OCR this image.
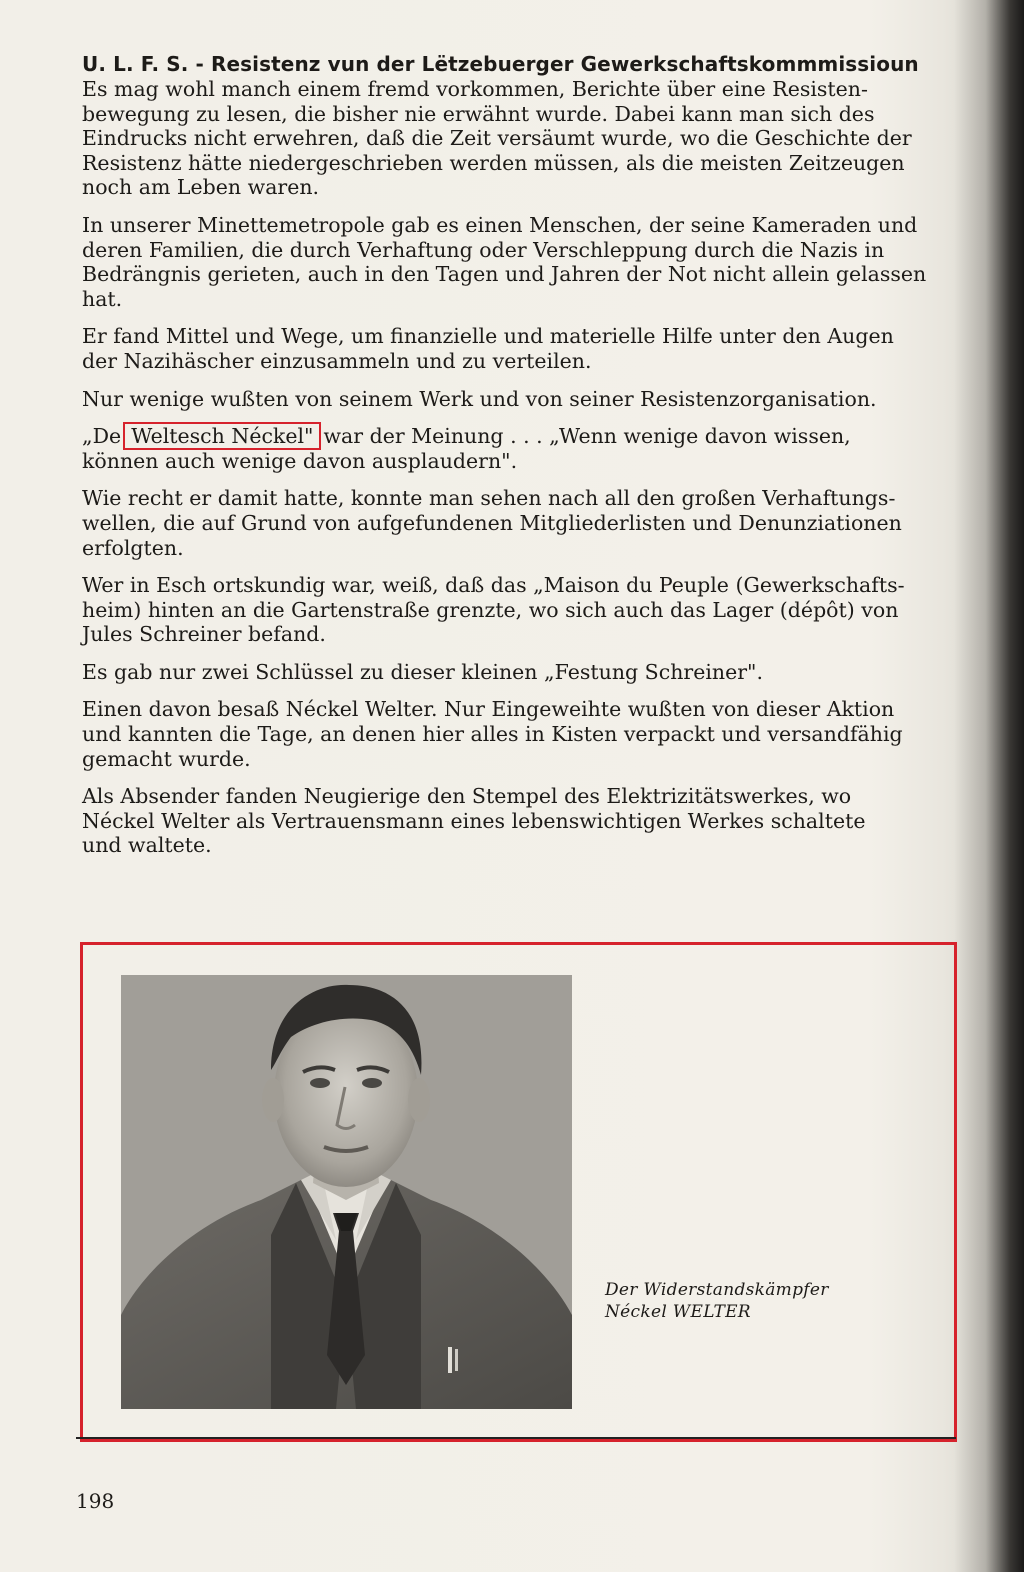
U. L. F. S. - Resistenz vun der Lëtzebuerger Gewerkschaftskommmissioun

Es mag wohl manch einem fremd vorkommen, Berichte über eine Resisten-
bewegung zu lesen, die bisher nie erwähnt wurde. Dabei kann man sich des
Eindrucks nicht erwehren, daß die Zeit versäumt wurde, wo die Geschichte der
Resistenz hätte niedergeschrieben werden müssen, als die meisten Zeitzeugen
noch am Leben waren.

In unserer Minettemetropole gab es einen Menschen, der seine Kameraden und
deren Familien, die durch Verhaftung oder Verschleppung durch die Nazis in
Bedrängnis gerieten, auch in den Tagen und Jahren der Not nicht allein gelassen
hat.

Er fand Mittel und Wege, um finanzielle und materielle Hilfe unter den Augen
der Nazihäscher einzusammeln und zu verteilen.

Nur wenige wußten von seinem Werk und von seiner Resistenzorganisation.

„De Weltesch Néckel" war der Meinung . . . „Wenn wenige davon wissen,
können auch wenige davon ausplaudern".

Wie recht er damit hatte, konnte man sehen nach all den großen Verhaftungs-
wellen, die auf Grund von aufgefundenen Mitgliederlisten und Denunziationen
erfolgten.

Wer in Esch ortskundig war, weiß, daß das „Maison du Peuple (Gewerkschafts-
heim) hinten an die Gartenstraße grenzte, wo sich auch das Lager (dépôt) von
Jules Schreiner befand.

Es gab nur zwei Schlüssel zu dieser kleinen „Festung Schreiner".

Einen davon besaß Néckel Welter. Nur Eingeweihte wußten von dieser Aktion
und kannten die Tage, an denen hier alles in Kisten verpackt und versandfähig
gemacht wurde.

Als Absender fanden Neugierige den Stempel des Elektrizitätswerkes, wo
Néckel Welter als Vertrauensmann eines lebenswichtigen Werkes schaltete
und waltete.

Der Widerstandskämpfer
Néckel WELTER
198
